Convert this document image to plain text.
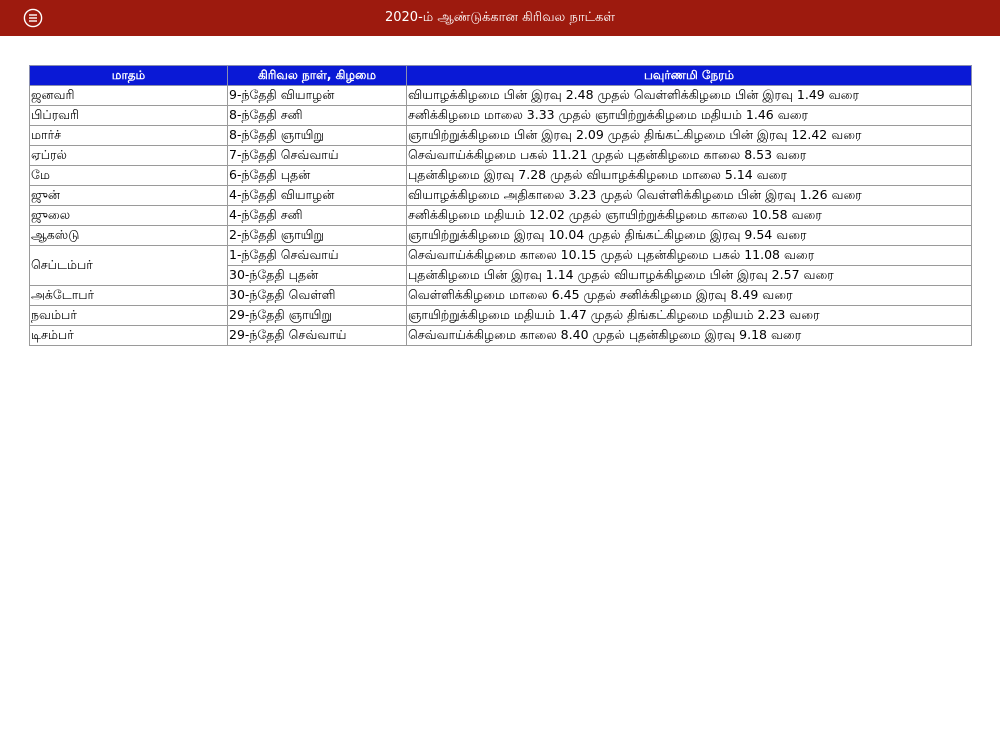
2020-ம் ஆண்டுக்கான கிரிவல நாட்கள்
மாதம்	கிரிவல நாள், கிழமை	பவுர்ணமி நேரம்
ஜனவரி	9-ந்தேதி வியாழன்	வியாழக்கிழமை பின் இரவு 2.48 முதல் வெள்ளிக்கிழமை பின் இரவு 1.49 வரை
பிப்ரவரி	8-ந்தேதி சனி	சனிக்கிழமை மாலை 3.33 முதல் ஞாயிற்றுக்கிழமை மதியம் 1.46 வரை
மார்ச்	8-ந்தேதி ஞாயிறு	ஞாயிற்றுக்கிழமை பின் இரவு 2.09 முதல் திங்கட்கிழமை பின் இரவு 12.42 வரை
ஏப்ரல்	7-ந்தேதி செவ்வாய்	செவ்வாய்க்கிழமை பகல் 11.21 முதல் புதன்கிழமை காலை 8.53 வரை
மே	6-ந்தேதி புதன்	புதன்கிழமை இரவு 7.28 முதல் வியாழக்கிழமை மாலை 5.14 வரை
ஜுன்	4-ந்தேதி வியாழன்	வியாழக்கிழமை அதிகாலை 3.23 முதல் வெள்ளிக்கிழமை பின் இரவு 1.26 வரை
ஜுலை	4-ந்தேதி சனி	சனிக்கிழமை மதியம் 12.02 முதல் ஞாயிற்றுக்கிழமை காலை 10.58 வரை
ஆகஸ்டு	2-ந்தேதி ஞாயிறு	ஞாயிற்றுக்கிழமை இரவு 10.04 முதல் திங்கட்கிழமை இரவு 9.54 வரை
செப்டம்பர்	1-ந்தேதி செவ்வாய்	செவ்வாய்க்கிழமை காலை 10.15 முதல் புதன்கிழமை பகல் 11.08 வரை
	30-ந்தேதி புதன்	புதன்கிழமை பின் இரவு 1.14 முதல் வியாழக்கிழமை பின் இரவு 2.57 வரை
அக்டோபர்	30-ந்தேதி வெள்ளி	வெள்ளிக்கிழமை மாலை 6.45 முதல் சனிக்கிழமை இரவு 8.49 வரை
நவம்பர்	29-ந்தேதி ஞாயிறு	ஞாயிற்றுக்கிழமை மதியம் 1.47 முதல் திங்கட்கிழமை மதியம் 2.23 வரை
டிசம்பர்	29-ந்தேதி செவ்வாய்	செவ்வாய்க்கிழமை காலை 8.40 முதல் புதன்கிழமை இரவு 9.18 வரை
